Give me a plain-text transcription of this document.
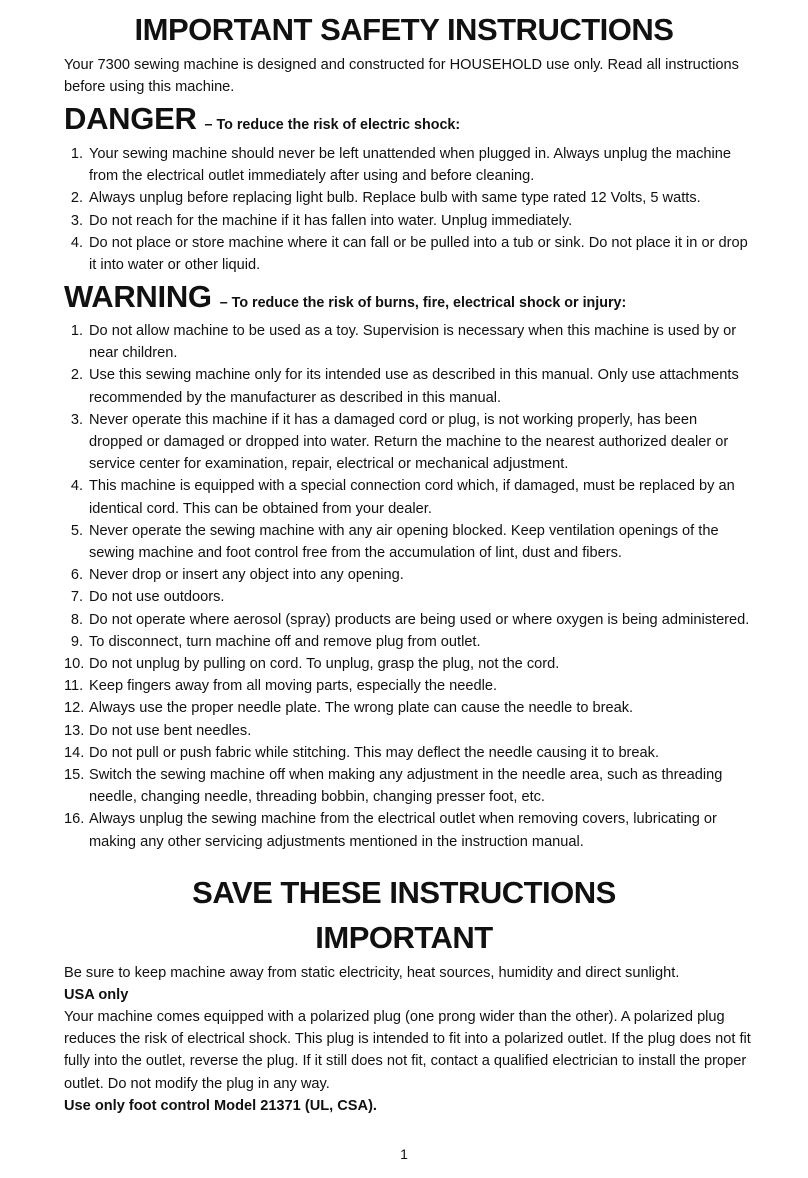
IMPORTANT SAFETY INSTRUCTIONS

Your 7300 sewing machine is designed and constructed for HOUSEHOLD use only. Read all instructions before using this machine.

DANGER – To reduce the risk of electric shock:
1. Your sewing machine should never be left unattended when plugged in. Always unplug the machine from the electrical outlet immediately after using and before cleaning.
2. Always unplug before replacing light bulb. Replace bulb with same type rated 12 Volts, 5 watts.
3. Do not reach for the machine if it has fallen into water. Unplug immediately.
4. Do not place or store machine where it can fall or be pulled into a tub or sink. Do not place it in or drop it into water or other liquid.
WARNING – To reduce the risk of burns, fire, electrical shock or injury:
1. Do not allow machine to be used as a toy. Supervision is necessary when this machine is used by or near children.
2. Use this sewing machine only for its intended use as described in this manual. Only use attachments recommended by the manufacturer as described in this manual.
3. Never operate this machine if it has a damaged cord or plug, is not working properly, has been dropped or damaged or dropped into water. Return the machine to the nearest authorized dealer or service center for examination, repair, electrical or mechanical adjustment.
4. This machine is equipped with a special connection cord which, if damaged, must be replaced by an identical cord. This can be obtained from your dealer.
5. Never operate the sewing machine with any air opening blocked. Keep ventilation openings of the sewing machine and foot control free from the accumulation of lint, dust and fibers.
6. Never drop or insert any object into any opening.
7. Do not use outdoors.
8. Do not operate where aerosol (spray) products are being used or where oxygen is being administered.
9. To disconnect, turn machine off and remove plug from outlet.
10. Do not unplug by pulling on cord. To unplug, grasp the plug, not the cord.
11. Keep fingers away from all moving parts, especially the needle.
12. Always use the proper needle plate. The wrong plate can cause the needle to break.
13. Do not use bent needles.
14. Do not pull or push fabric while stitching. This may deflect the needle causing it to break.
15. Switch the sewing machine off when making any adjustment in the needle area, such as threading needle, changing needle, threading bobbin, changing presser foot, etc.
16. Always unplug the sewing machine from the electrical outlet when removing covers, lubricating or making any other servicing adjustments mentioned in the instruction manual.
SAVE THESE INSTRUCTIONS
IMPORTANT

Be sure to keep machine away from static electricity, heat sources, humidity and direct sunlight.

USA only

Your machine comes equipped with a polarized plug (one prong wider than the other). A polarized plug reduces the risk of electrical shock. This plug is intended to fit into a polarized outlet. If the plug does not fit fully into the outlet, reverse the plug. If it still does not fit, contact a qualified electrician to install the proper outlet. Do not modify the plug in any way.

Use only foot control Model 21371 (UL, CSA).

1
